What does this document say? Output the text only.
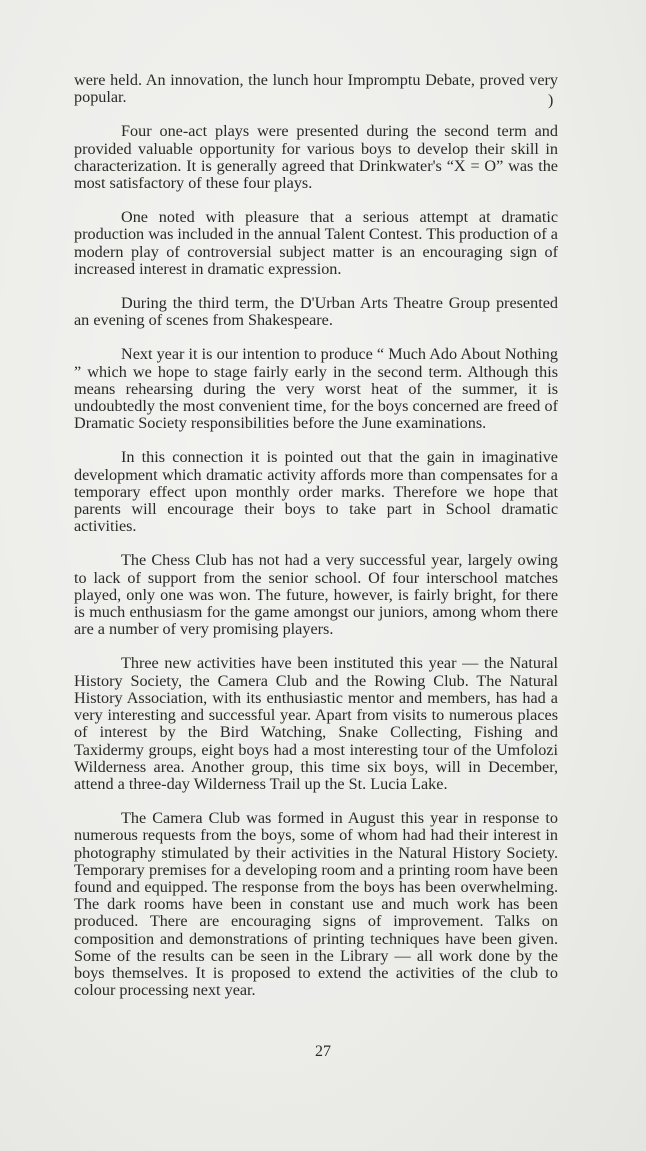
)

were held. An innovation, the lunch hour Impromptu Debate, proved very popular.

Four one-act plays were presented during the second term and provided valuable opportunity for various boys to develop their skill in characterization. It is generally agreed that Drinkwater's “X = O” was the most satisfactory of these four plays.

One noted with pleasure that a serious attempt at dramatic production was included in the annual Talent Contest. This production of a modern play of controversial subject matter is an encouraging sign of increased interest in dramatic expression.

During the third term, the D'Urban Arts Theatre Group presented an evening of scenes from Shakespeare.

Next year it is our intention to produce “ Much Ado About Nothing ” which we hope to stage fairly early in the second term. Although this means rehearsing during the very worst heat of the summer, it is undoubtedly the most convenient time, for the boys concerned are freed of Dramatic Society responsibilities before the June examinations.

In this connection it is pointed out that the gain in imaginative development which dramatic activity affords more than compensates for a temporary effect upon monthly order marks. Therefore we hope that parents will encourage their boys to take part in School dramatic activities.

The Chess Club has not had a very successful year, largely owing to lack of support from the senior school. Of four interschool matches played, only one was won. The future, however, is fairly bright, for there is much enthusiasm for the game amongst our juniors, among whom there are a number of very promising players.

Three new activities have been instituted this year — the Natural History Society, the Camera Club and the Rowing Club. The Natural History Association, with its enthusiastic mentor and members, has had a very interesting and successful year. Apart from visits to numerous places of interest by the Bird Watching, Snake Collecting, Fishing and Taxidermy groups, eight boys had a most interesting tour of the Umfolozi Wilderness area. Another group, this time six boys, will in December, attend a three-day Wilderness Trail up the St. Lucia Lake.

The Camera Club was formed in August this year in response to numerous requests from the boys, some of whom had had their interest in photography stimulated by their activities in the Natural History Society. Temporary premises for a developing room and a printing room have been found and equipped. The response from the boys has been overwhelming. The dark rooms have been in constant use and much work has been produced. There are encouraging signs of improvement. Talks on composition and demonstrations of printing techniques have been given. Some of the results can be seen in the Library — all work done by the boys themselves. It is proposed to extend the activities of the club to colour processing next year.

27
